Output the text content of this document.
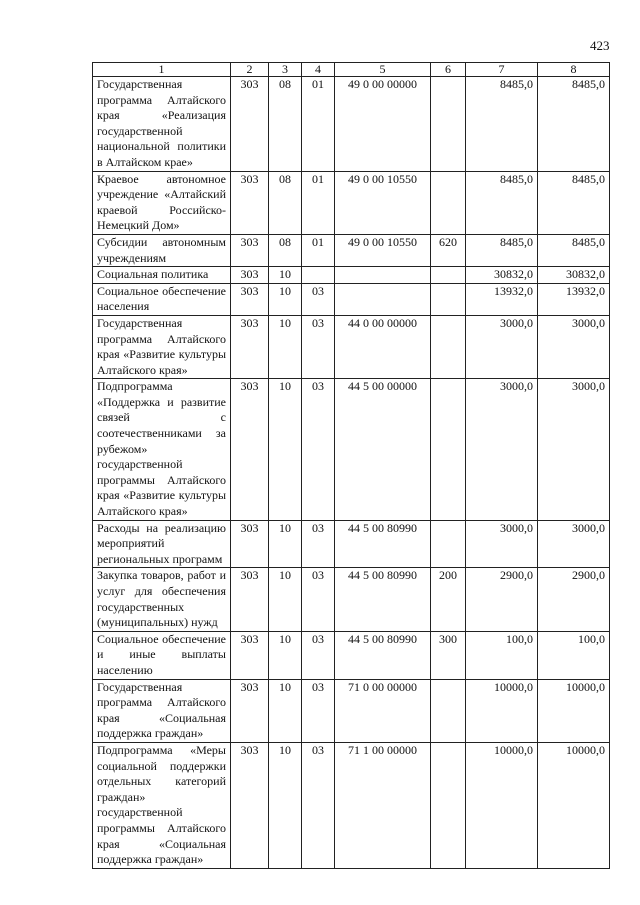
423
1	2	3	4	5	6	7	8
Государственная программа Алтайского края «Реализация государственной национальной политики в Алтайском крае»	303	08	01	49 0 00 00000		8485,0	8485,0
Краевое автономное учреждение «Алтайский краевой Российско-Немецкий Дом»	303	08	01	49 0 00 10550		8485,0	8485,0
Субсидии автономным учреждениям	303	08	01	49 0 00 10550	620	8485,0	8485,0
Социальная политика	303	10				30832,0	30832,0
Социальное обеспечение населения	303	10	03			13932,0	13932,0
Государственная программа Алтайского края «Развитие культуры Алтайского края»	303	10	03	44 0 00 00000		3000,0	3000,0
Подпрограмма «Поддержка и развитие связей с соотечественниками за рубежом» государственной программы Алтайского края «Развитие культуры Алтайского края»	303	10	03	44 5 00 00000		3000,0	3000,0
Расходы на реализацию мероприятий региональных программ	303	10	03	44 5 00 80990		3000,0	3000,0
Закупка товаров, работ и услуг для обеспечения государственных (муниципальных) нужд	303	10	03	44 5 00 80990	200	2900,0	2900,0
Социальное обеспечение и иные выплаты населению	303	10	03	44 5 00 80990	300	100,0	100,0
Государственная программа Алтайского края «Социальная поддержка граждан»	303	10	03	71 0 00 00000		10000,0	10000,0
Подпрограмма «Меры социальной поддержки отдельных категорий граждан» государственной программы Алтайского края «Социальная поддержка граждан»	303	10	03	71 1 00 00000		10000,0	10000,0
